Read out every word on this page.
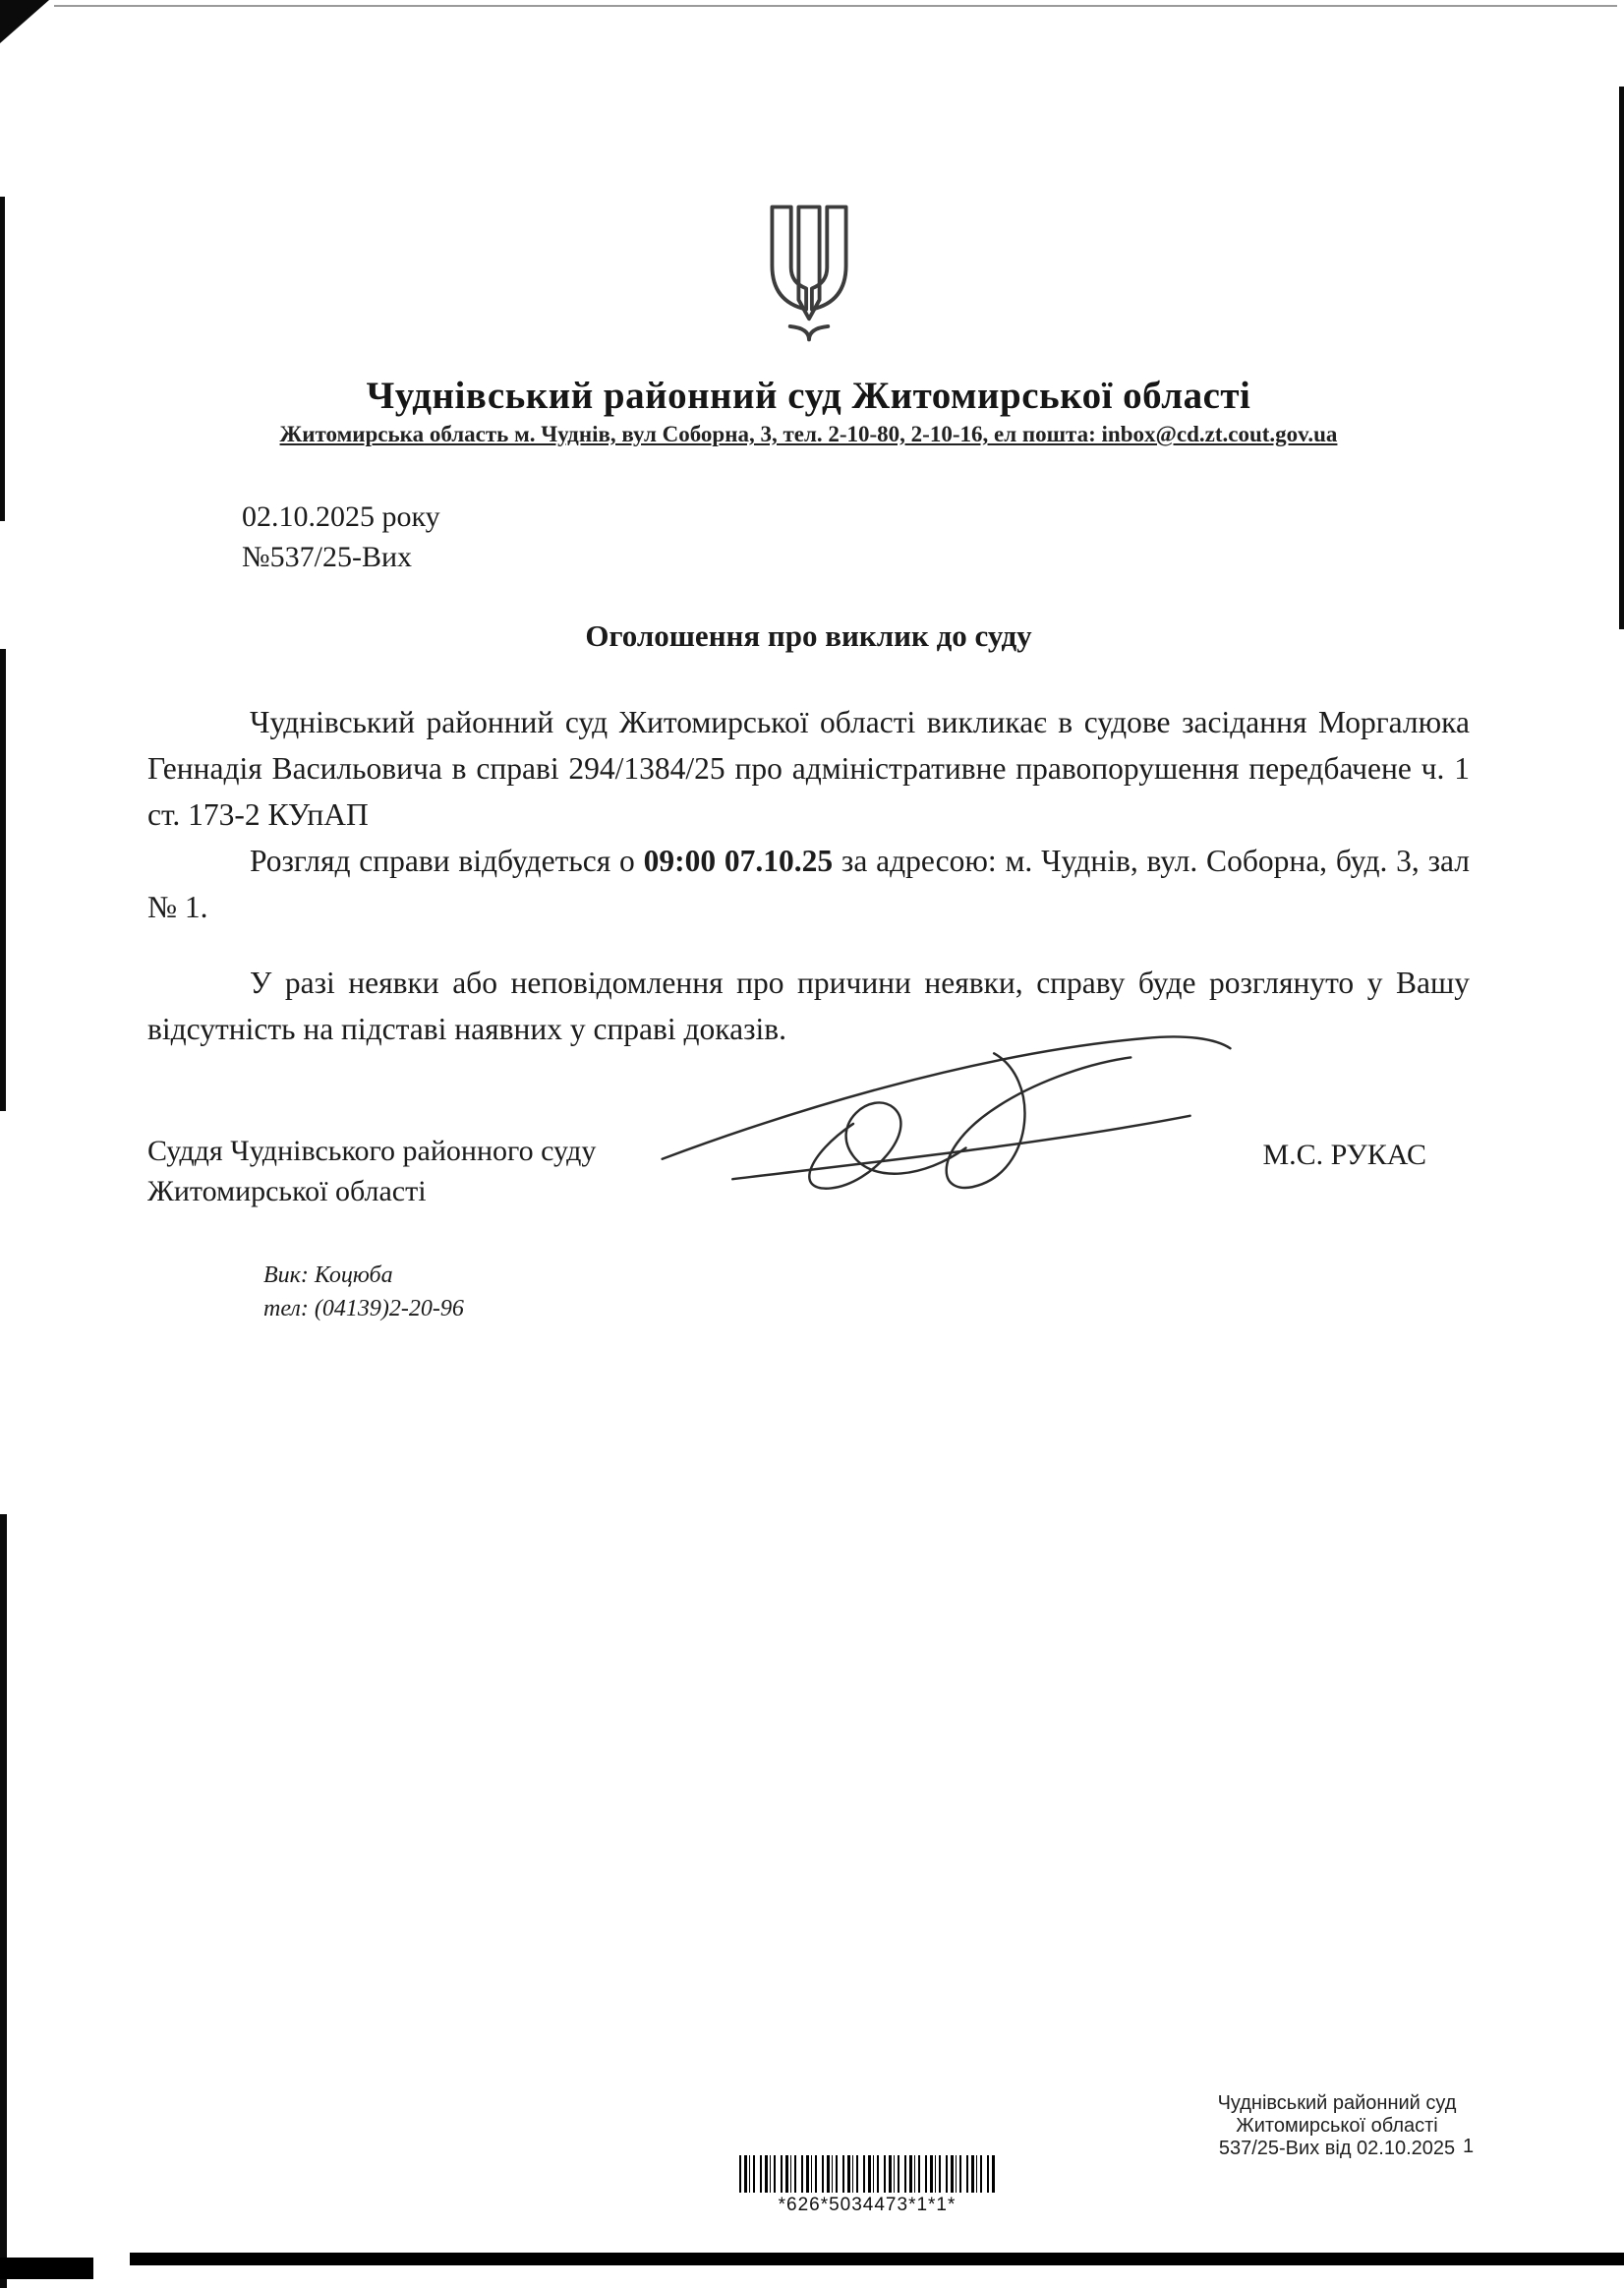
Чуднівський районний суд Житомирської області
Житомирська область м. Чуднів, вул Соборна, 3, тел. 2-10-80, 2-10-16, ел пошта: inbox@cd.zt.cout.gov.ua
02.10.2025 року
№537/25-Вих
Оголошення про виклик до суду

Чуднівський районний суд Житомирської області викликає в судове засідання Моргалюка Геннадія Васильовича в справі 294/1384/25 про адміністративне правопорушення передбачене ч. 1 ст. 173-2 КУпАП

Розгляд справи відбудеться о 09:00 07.10.25 за адресою: м. Чуднів, вул. Соборна, буд. 3, зал № 1.

У разі неявки або неповідомлення про причини неявки, справу буде розглянуто у Вашу відсутність на підставі наявних у справі доказів.

Суддя Чуднівського районного суду
Житомирської області
М.С. РУКАС
Вик: Коцюба
тел: (04139)2-20-96
Чуднівський районний суд
Житомирської області
537/25-Вих від 02.10.2025 1
*626*5034473*1*1*
